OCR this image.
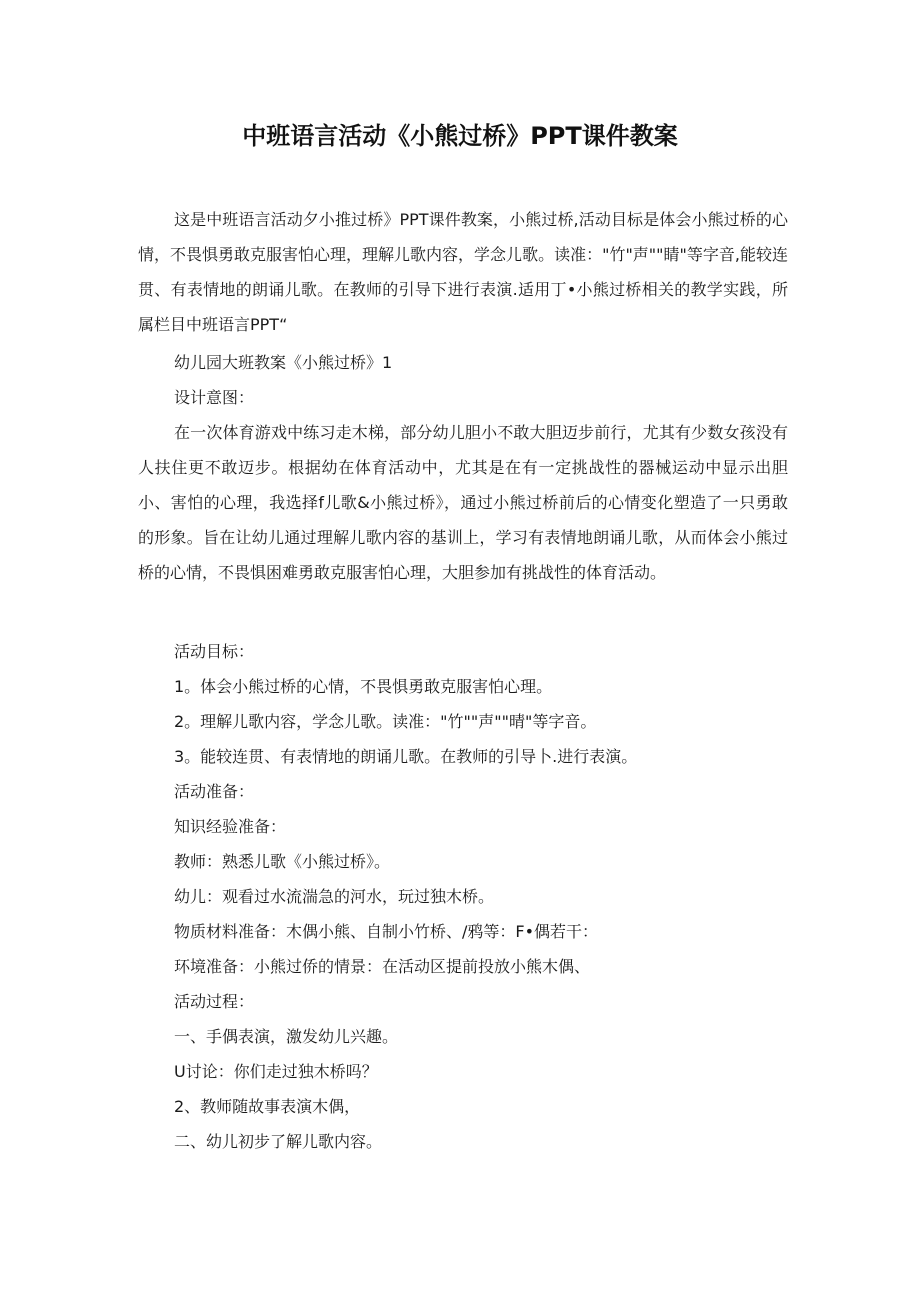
中班语言活动《小熊过桥》PPT课件教案

这是中班语言活动夕小推过桥》PPT课件教案，小熊过桥,活动目标是体会小熊过桥的心情，不畏惧勇敢克服害怕心理，理解儿歌内容，学念儿歌。读准："竹"声""睛"等字音,能较连贯、有表情地的朗诵儿歌。在教师的引导下进行表演.适用丁•小熊过桥相关的教学实践，所属栏目中班语言PPT“

幼儿园大班教案《小熊过桥》1

设计意图：

在一次体育游戏中练习走木梯，部分幼儿胆小不敢大胆迈步前行，尤其有少数女孩没有人扶住更不敢迈步。根据幼在体育活动中，尤其是在有一定挑战性的器械运动中显示出胆小、害怕的心理，我选择f儿歌&小熊过桥》，通过小熊过桥前后的心情变化塑造了一只勇敢的形象。旨在让幼儿通过理解儿歌内容的基训上，学习有表情地朗诵儿歌，从而体会小熊过桥的心情，不畏惧困难勇敢克服害怕心理，大胆参加有挑战性的体育活动。

活动目标：

1。体会小熊过桥的心情，不畏惧勇敢克服害怕心理。

2。理解儿歌内容，学念儿歌。读准："竹""声""晴"等字音。

3。能较连贯、有表情地的朗诵儿歌。在教师的引导卜.进行表演。

活动准备：

知识经验准备：

教师：熟悉儿歌《小熊过桥》。

幼儿：观看过水流湍急的河水，玩过独木桥。

物质材料准备：木偶小熊、自制小竹桥、/鸦等：F•偶若干：

环境准备：小熊过侨的情景：在活动区提前投放小熊木偶、

活动过程：

一、手偶表演，激发幼儿兴趣。

U讨论：你们走过独木桥吗？

2、教师随故事表演木偶，

二、幼儿初步了解儿歌内容。
